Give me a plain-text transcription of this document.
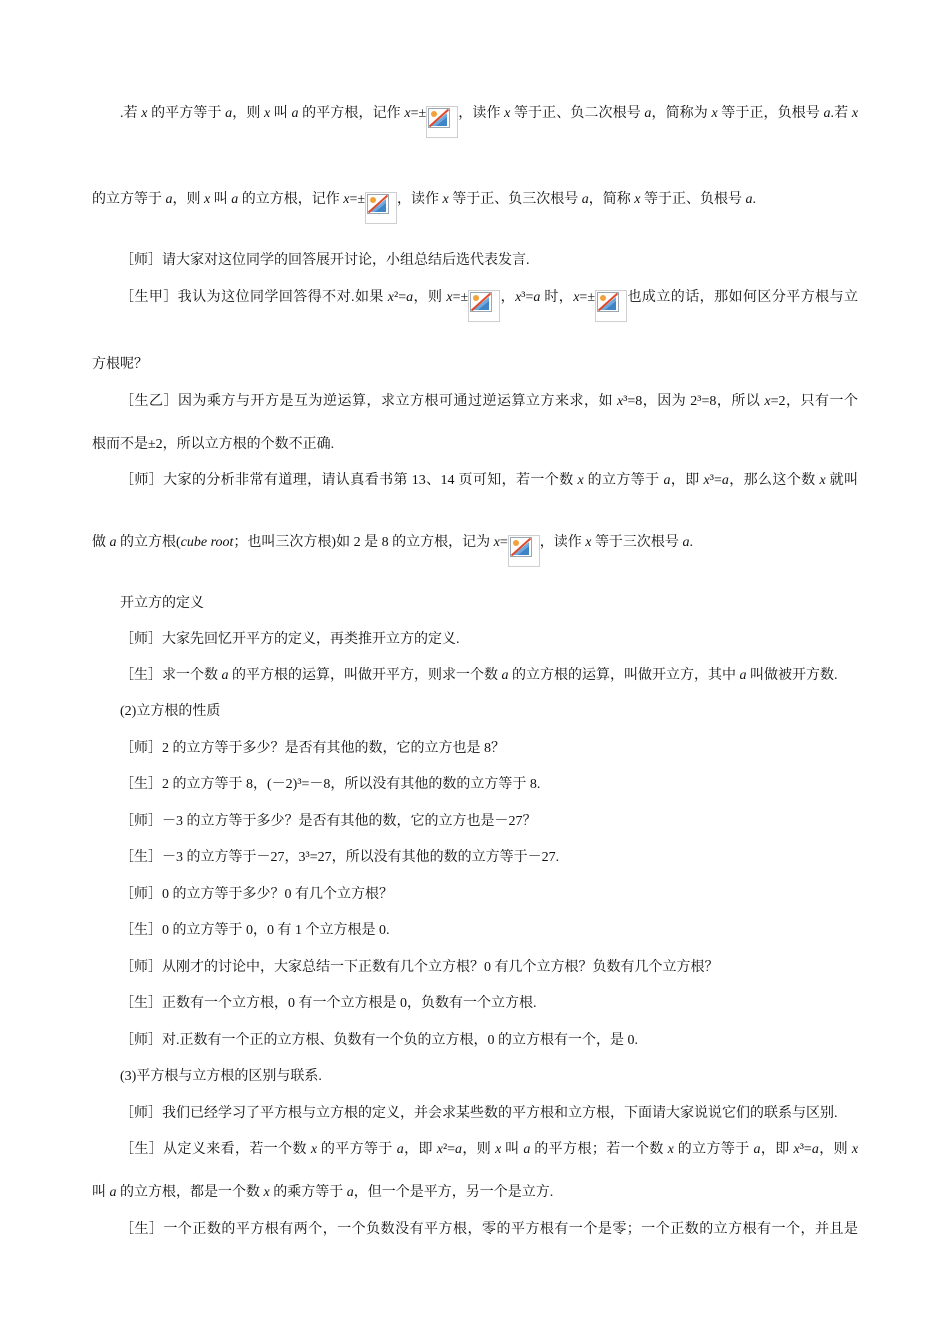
.若 x 的平方等于 a，则 x 叫 a 的平方根，记作 x=± ，读作 x 等于正、负二次根号 a，简称为 x 等于正，负根号 a.若 x

的立方等于 a，则 x 叫 a 的立方根，记作 x=± ，读作 x 等于正、负三次根号 a，简称 x 等于正、负根号 a.

［师］请大家对这位同学的回答展开讨论，小组总结后选代表发言.

［生甲］我认为这位同学回答得不对.如果 x²=a，则 x=± ，x³=a 时，x=± 也成立的话，那如何区分平方根与立

方根呢？

［生乙］因为乘方与开方是互为逆运算，求立方根可通过逆运算立方来求，如 x³=8，因为 2³=8，所以 x=2，只有一个

根而不是±2，所以立方根的个数不正确.

［师］大家的分析非常有道理，请认真看书第 13、14 页可知，若一个数 x 的立方等于 a，即 x³=a，那么这个数 x 就叫

做 a 的立方根(cube root；也叫三次方根)如 2 是 8 的立方根，记为 x= ，读作 x 等于三次根号 a.

开立方的定义

［师］大家先回忆开平方的定义，再类推开立方的定义.

［生］求一个数 a 的平方根的运算，叫做开平方，则求一个数 a 的立方根的运算，叫做开立方，其中 a 叫做被开方数.

(2)立方根的性质

［师］2 的立方等于多少？是否有其他的数，它的立方也是 8？

［生］2 的立方等于 8，(－2)³=－8，所以没有其他的数的立方等于 8.

［师］－3 的立方等于多少？是否有其他的数，它的立方也是－27？

［生］－3 的立方等于－27，3³=27，所以没有其他的数的立方等于－27.

［师］0 的立方等于多少？0 有几个立方根？

［生］0 的立方等于 0，0 有 1 个立方根是 0.

［师］从刚才的讨论中，大家总结一下正数有几个立方根？0 有几个立方根？负数有几个立方根？

［生］正数有一个立方根，0 有一个立方根是 0，负数有一个立方根.

［师］对.正数有一个正的立方根、负数有一个负的立方根，0 的立方根有一个，是 0.

(3)平方根与立方根的区别与联系.

［师］我们已经学习了平方根与立方根的定义，并会求某些数的平方根和立方根，下面请大家说说它们的联系与区别.

［生］从定义来看，若一个数 x 的平方等于 a，即 x²=a，则 x 叫 a 的平方根；若一个数 x 的立方等于 a，即 x³=a，则 x

叫 a 的立方根，都是一个数 x 的乘方等于 a，但一个是平方，另一个是立方.

［生］一个正数的平方根有两个，一个负数没有平方根，零的平方根有一个是零；一个正数的立方根有一个，并且是
